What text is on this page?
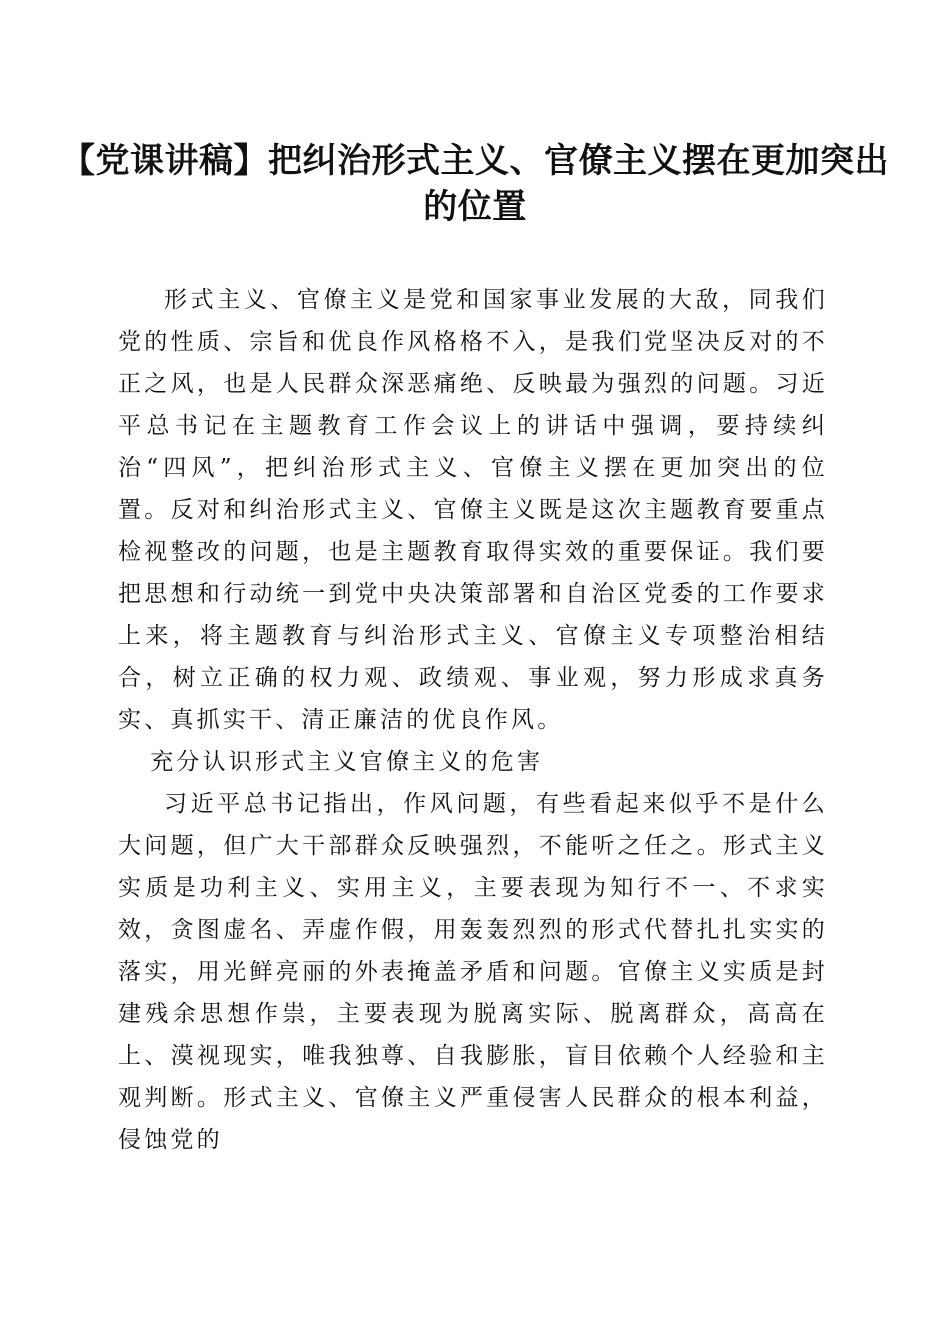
【党课讲稿】把纠治形式主义、官僚主义摆在更加突出的位置

形式主义、官僚主义是党和国家事业发展的大敌，同我们党的性质、宗旨和优良作风格格不入，是我们党坚决反对的不正之风，也是人民群众深恶痛绝、反映最为强烈的问题。习近平总书记在主题教育工作会议上的讲话中强调，要持续纠治“四风”，把纠治形式主义、官僚主义摆在更加突出的位置。反对和纠治形式主义、官僚主义既是这次主题教育要重点检视整改的问题，也是主题教育取得实效的重要保证。我们要把思想和行动统一到党中央决策部署和自治区党委的工作要求上来，将主题教育与纠治形式主义、官僚主义专项整治相结合，树立正确的权力观、政绩观、事业观，努力形成求真务实、真抓实干、清正廉洁的优良作风。

充分认识形式主义官僚主义的危害

习近平总书记指出，作风问题，有些看起来似乎不是什么大问题，但广大干部群众反映强烈，不能听之任之。形式主义实质是功利主义、实用主义，主要表现为知行不一、不求实效，贪图虚名、弄虚作假，用轰轰烈烈的形式代替扎扎实实的落实，用光鲜亮丽的外表掩盖矛盾和问题。官僚主义实质是封建残余思想作祟，主要表现为脱离实际、脱离群众，高高在上、漠视现实，唯我独尊、自我膨胀，盲目依赖个人经验和主观判断。形式主义、官僚主义严重侵害人民群众的根本利益，侵蚀党的
